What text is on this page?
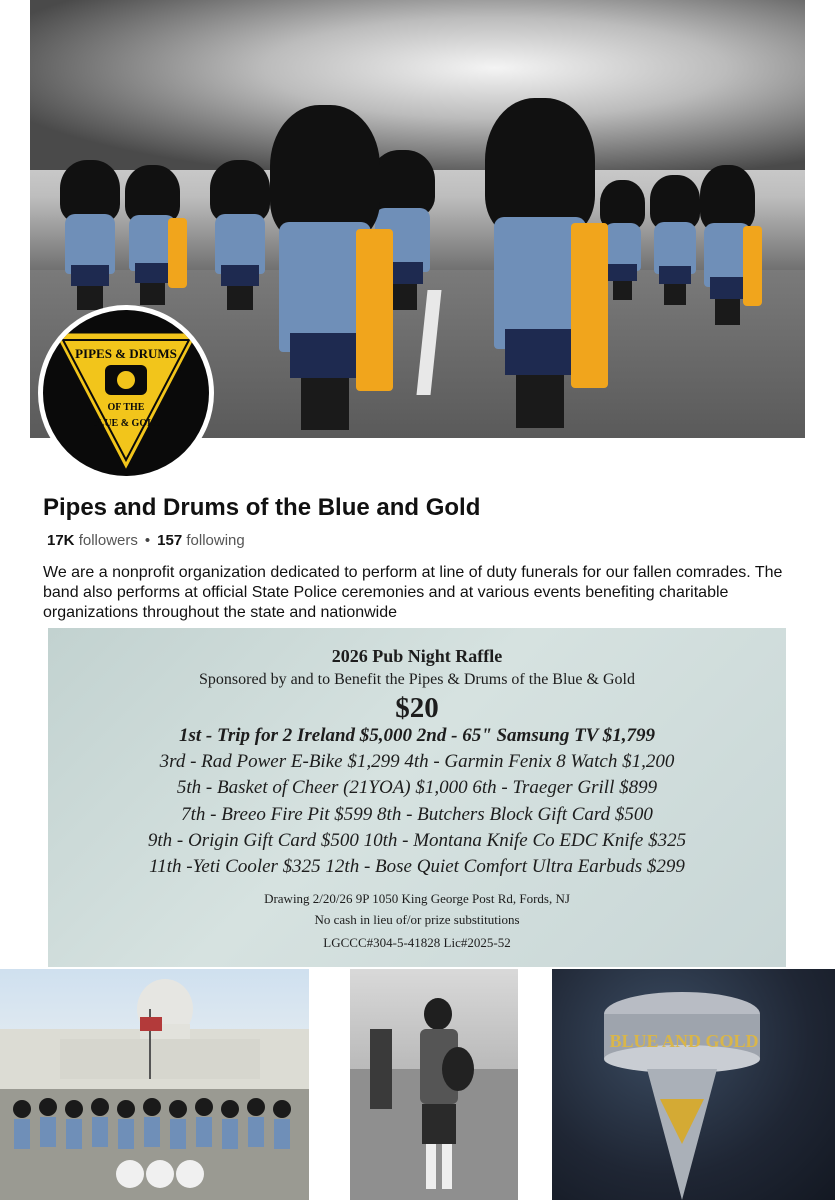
PIPES & DRUMS
OF THE
BLUE & GOLD
Pipes and Drums of the Blue and Gold
17K followers • 157 following
We are a nonprofit organization dedicated to perform at line of duty funerals for our fallen comrades. The band also performs at official State Police ceremonies and at various events benefiting charitable organizations throughout the state and nationwide
2026 Pub Night Raffle
Sponsored by and to Benefit the Pipes & Drums of the Blue & Gold
$20
1st - Trip for 2 Ireland $5,000 2nd - 65" Samsung TV $1,799
3rd - Rad Power E-Bike $1,299 4th - Garmin Fenix 8 Watch $1,200
5th - Basket of Cheer (21YOA) $1,000 6th - Traeger Grill $899
7th - Breeo Fire Pit $599 8th - Butchers Block Gift Card $500
9th - Origin Gift Card $500 10th - Montana Knife Co EDC Knife $325
11th -Yeti Cooler $325 12th - Bose Quiet Comfort Ultra Earbuds $299
Drawing 2/20/26 9P 1050 King George Post Rd, Fords, NJ
No cash in lieu of/or prize substitutions
LGCCC#304-5-41828 Lic#2025-52
BLUE AND GOLD
